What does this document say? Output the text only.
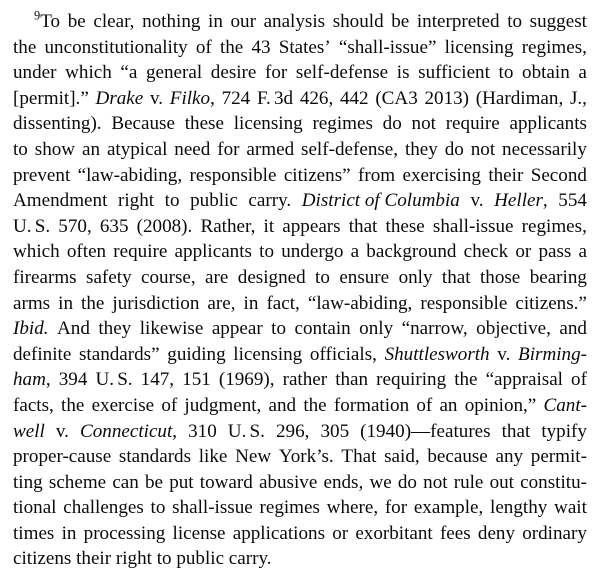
$^9$To be clear, nothing in our analysis should be interpreted to suggest
the unconstitutionality of the 43 States’ “shall-issue” licensing regimes,
under which “a general desire for self-defense is sufficient to obtain a
[permit].” Drake v. Filko, 724 F. 3d 426, 442 (CA3 2013) (Hardiman, J.,
dissenting). Because these licensing regimes do not require applicants
to show an atypical need for armed self-defense, they do not necessarily
prevent “law-abiding, responsible citizens” from exercising their Second
Amendment right to public carry. District of Columbia v. Heller, 554
U. S. 570, 635 (2008). Rather, it appears that these shall-issue regimes,
which often require applicants to undergo a background check or pass a
firearms safety course, are designed to ensure only that those bearing
arms in the jurisdiction are, in fact, “law-abiding, responsible citizens.”
Ibid. And they likewise appear to contain only “narrow, objective, and
definite standards” guiding licensing officials, Shuttlesworth v. Birming-
ham, 394 U. S. 147, 151 (1969), rather than requiring the “appraisal of
facts, the exercise of judgment, and the formation of an opinion,” Cant-
well v. Connecticut, 310 U. S. 296, 305 (1940)—features that typify
proper-cause standards like New York’s. That said, because any permit-
ting scheme can be put toward abusive ends, we do not rule out constitu-
tional challenges to shall-issue regimes where, for example, lengthy wait
times in processing license applications or exorbitant fees deny ordinary
citizens their right to public carry.
